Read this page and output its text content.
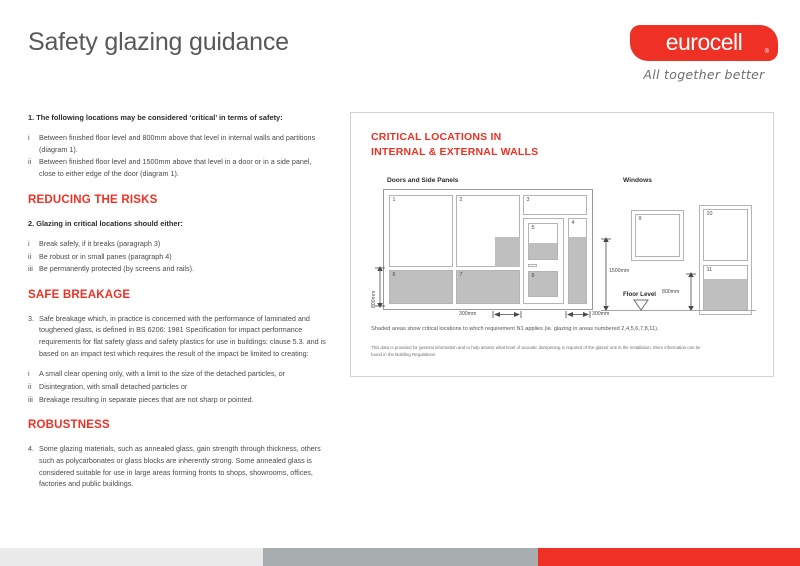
Safety glazing guidance	eurocell	®
All together better
1. The following locations may be considered ‘critical’ in terms of safety:
i	Between finished floor level and 800mm above that level in internal walls and partitions (diagram 1).
ii	Between finished floor level and 1500mm above that level in a door or in a side panel, close to either edge of the door (diagram 1).
REDUCING THE RISKS
2. Glazing in critical locations should either:
i	Break safely, if it breaks (paragraph 3)
ii	Be robust or in small panes (paragraph 4)
iii Be permanently protected (by screens and rails).
SAFE BREAKAGE
3. Safe breakage which, in practice is concerned with the performance of laminated and toughened glass, is defined in BS 6206: 1981 Specification for impact performance requirements for flat safety glass and safety plastics for use in buildings: clause 5.3. and is based on an impact test which requires the result of the impact be limited to creating:
i	A small clear opening only, with a limit to the size of the detached particles, or
ii	Disintegration, with small detached particles or
iii Breakage resulting in separate pieces that are not sharp or pointed.
ROBUSTNESS
4. Some glazing materials, such as annealed glass, gain strength through thickness, others such as polycarbonates or glass blocks are inherently strong. Some annealed glass is considered suitable for use in large areas forming fronts to shops, showrooms, offices, factories and public buildings.
CRITICAL LOCATIONS IN
INTERNAL & EXTERNAL WALLS
Doors and Side Panels	Windows
1
6
2
7
3
5
8
4
9
10
11
Floor Level
800mm
300mm	300mm
1500mm
800mm
Shaded areas show critical locations to which requirement N1 applies (ie. glazing in areas numbered 2,4,5,6,7,8,11).
This data is provided for general information and to help assess what level of acoustic dampening is required of the glazed unit in the installation. More information can be found in the Building Regulations
